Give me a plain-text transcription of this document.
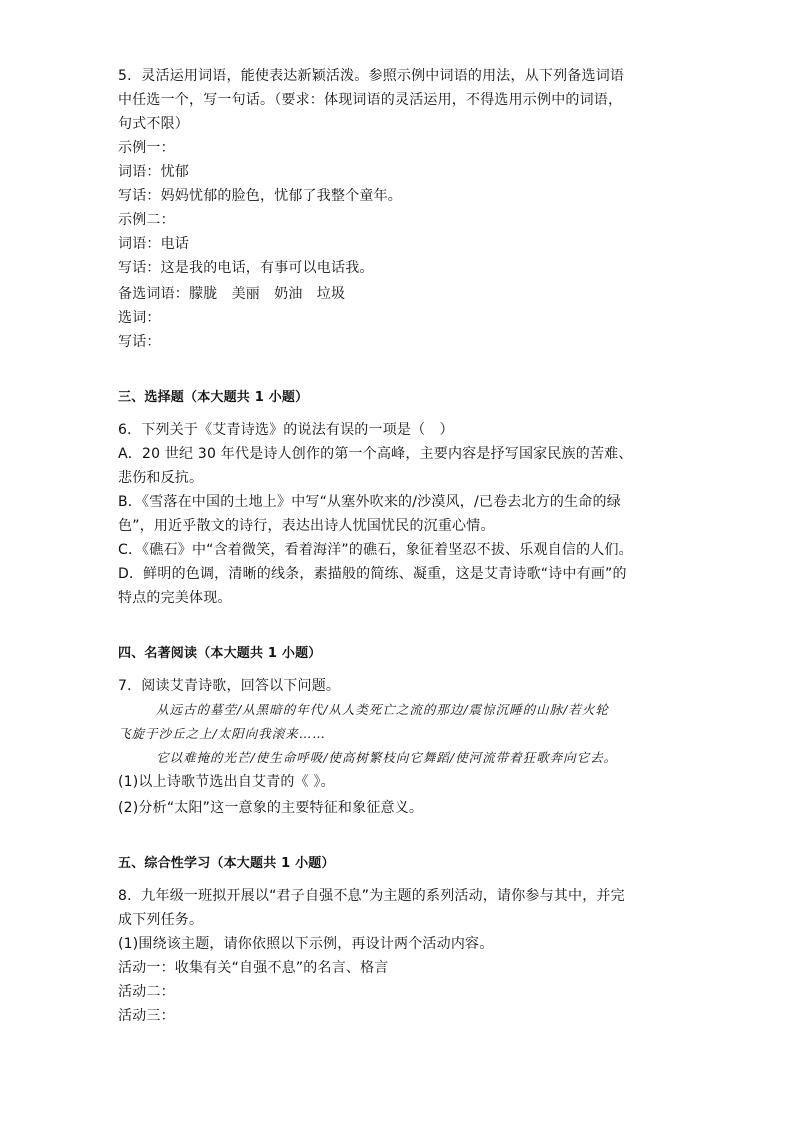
5．灵活运用词语，能使表达新颖活泼。参照示例中词语的用法，从下列备选词语
中任选一个，写一句话。（要求：体现词语的灵活运用，不得选用示例中的词语，
句式不限）
示例一：
词语：忧郁
写话：妈妈忧郁的脸色，忧郁了我整个童年。
示例二：
词语：电话
写话：这是我的电话，有事可以电话我。
备选词语：朦胧　美丽　奶油　垃圾
选词：
写话：
三、选择题（本大题共 1 小题）
6．下列关于《艾青诗选》的说法有误的一项是（　）
A．20 世纪 30 年代是诗人创作的第一个高峰，主要内容是抒写国家民族的苦难、
悲伤和反抗。
B．《雪落在中国的土地上》中写“从塞外吹来的/沙漠风，/已卷去北方的生命的绿
色”，用近乎散文的诗行，表达出诗人忧国忧民的沉重心情。
C．《礁石》中“含着微笑，看着海洋”的礁石，象征着坚忍不拔、乐观自信的人们。
D．鲜明的色调，清晰的线条，素描般的简练、凝重，这是艾青诗歌“诗中有画”的
特点的完美体现。
四、名著阅读（本大题共 1 小题）
7．阅读艾青诗歌，回答以下问题。
从远古的墓茔/从黑暗的年代/从人类死亡之流的那边/震惊沉睡的山脉/若火轮
飞旋于沙丘之上/太阳向我滚来……
它以难掩的光芒/使生命呼吸/使高树繁枝向它舞蹈/使河流带着狂歌奔向它去。
(1)以上诗歌节选出自艾青的《 》。
(2)分析“太阳”这一意象的主要特征和象征意义。
五、综合性学习（本大题共 1 小题）
8．九年级一班拟开展以“君子自强不息”为主题的系列活动，请你参与其中，并完
成下列任务。
(1)围绕该主题，请你依照以下示例，再设计两个活动内容。
活动一：收集有关“自强不息”的名言、格言
活动二：
活动三：
